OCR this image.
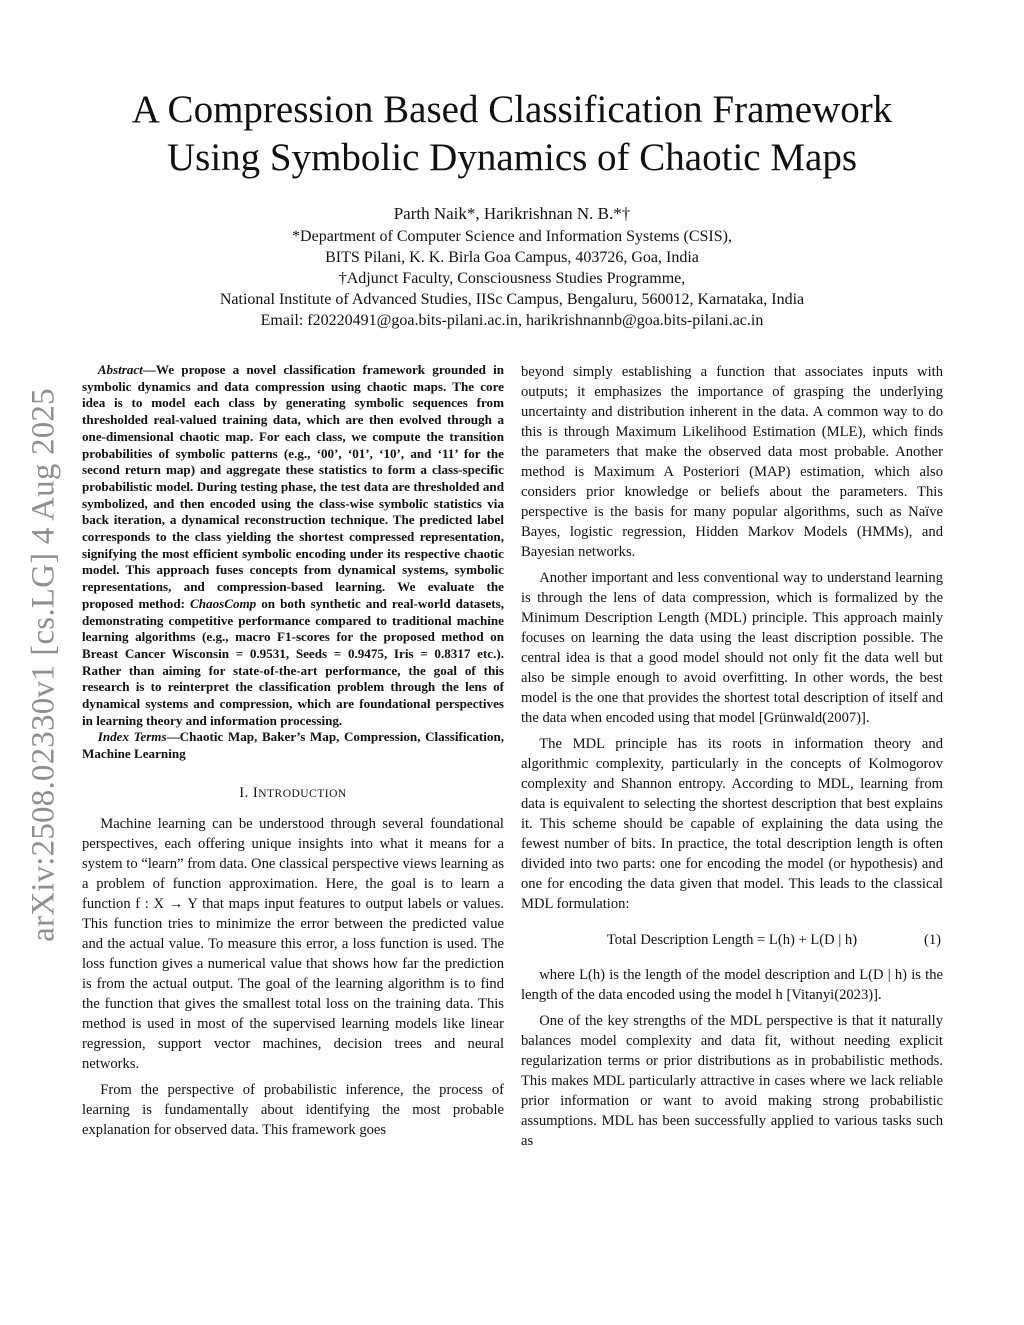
arXiv:2508.02330v1 [cs.LG] 4 Aug 2025
A Compression Based Classification Framework
Using Symbolic Dynamics of Chaotic Maps
Parth Naik*, Harikrishnan N. B.*†
*Department of Computer Science and Information Systems (CSIS),
BITS Pilani, K. K. Birla Goa Campus, 403726, Goa, India
†Adjunct Faculty, Consciousness Studies Programme,
National Institute of Advanced Studies, IISc Campus, Bengaluru, 560012, Karnataka, India
Email: f20220491@goa.bits-pilani.ac.in, harikrishnannb@goa.bits-pilani.ac.in

Abstract—We propose a novel classification framework grounded in symbolic dynamics and data compression using chaotic maps. The core idea is to model each class by generating symbolic sequences from thresholded real-valued training data, which are then evolved through a one-dimensional chaotic map. For each class, we compute the transition probabilities of symbolic patterns (e.g., ‘00’, ‘01’, ‘10’, and ‘11’ for the second return map) and aggregate these statistics to form a class-specific probabilistic model. During testing phase, the test data are thresholded and symbolized, and then encoded using the class-wise symbolic statistics via back iteration, a dynamical reconstruction technique. The predicted label corresponds to the class yielding the shortest compressed representation, signifying the most efficient symbolic encoding under its respective chaotic model. This approach fuses concepts from dynamical systems, symbolic representations, and compression-based learning. We evaluate the proposed method: ChaosComp on both synthetic and real-world datasets, demonstrating competitive performance compared to traditional machine learning algorithms (e.g., macro F1-scores for the proposed method on Breast Cancer Wisconsin = 0.9531, Seeds = 0.9475, Iris = 0.8317 etc.). Rather than aiming for state-of-the-art performance, the goal of this research is to reinterpret the classification problem through the lens of dynamical systems and compression, which are foundational perspectives in learning theory and information processing.

Index Terms—Chaotic Map, Baker’s Map, Compression, Classification, Machine Learning

I. INTRODUCTION

Machine learning can be understood through several foundational perspectives, each offering unique insights into what it means for a system to “learn” from data. One classical perspective views learning as a problem of function approximation. Here, the goal is to learn a function f : X → Y that maps input features to output labels or values. This function tries to minimize the error between the predicted value and the actual value. To measure this error, a loss function is used. The loss function gives a numerical value that shows how far the prediction is from the actual output. The goal of the learning algorithm is to find the function that gives the smallest total loss on the training data. This method is used in most of the supervised learning models like linear regression, support vector machines, decision trees and neural networks.

From the perspective of probabilistic inference, the process of learning is fundamentally about identifying the most probable explanation for observed data. This framework goes

beyond simply establishing a function that associates inputs with outputs; it emphasizes the importance of grasping the underlying uncertainty and distribution inherent in the data. A common way to do this is through Maximum Likelihood Estimation (MLE), which finds the parameters that make the observed data most probable. Another method is Maximum A Posteriori (MAP) estimation, which also considers prior knowledge or beliefs about the parameters. This perspective is the basis for many popular algorithms, such as Naïve Bayes, logistic regression, Hidden Markov Models (HMMs), and Bayesian networks.

Another important and less conventional way to understand learning is through the lens of data compression, which is formalized by the Minimum Description Length (MDL) principle. This approach mainly focuses on learning the data using the least discription possible. The central idea is that a good model should not only fit the data well but also be simple enough to avoid overfitting. In other words, the best model is the one that provides the shortest total description of itself and the data when encoded using that model [Grünwald(2007)].

The MDL principle has its roots in information theory and algorithmic complexity, particularly in the concepts of Kolmogorov complexity and Shannon entropy. According to MDL, learning from data is equivalent to selecting the shortest description that best explains it. This scheme should be capable of explaining the data using the fewest number of bits. In practice, the total description length is often divided into two parts: one for encoding the model (or hypothesis) and one for encoding the data given that model. This leads to the classical MDL formulation:

Total Description Length = L(h) + L(D | h)	(1)

where L(h) is the length of the model description and L(D | h) is the length of the data encoded using the model h [Vitanyi(2023)].

One of the key strengths of the MDL perspective is that it naturally balances model complexity and data fit, without needing explicit regularization terms or prior distributions as in probabilistic methods. This makes MDL particularly attractive in cases where we lack reliable prior information or want to avoid making strong probabilistic assumptions. MDL has been successfully applied to various tasks such as
